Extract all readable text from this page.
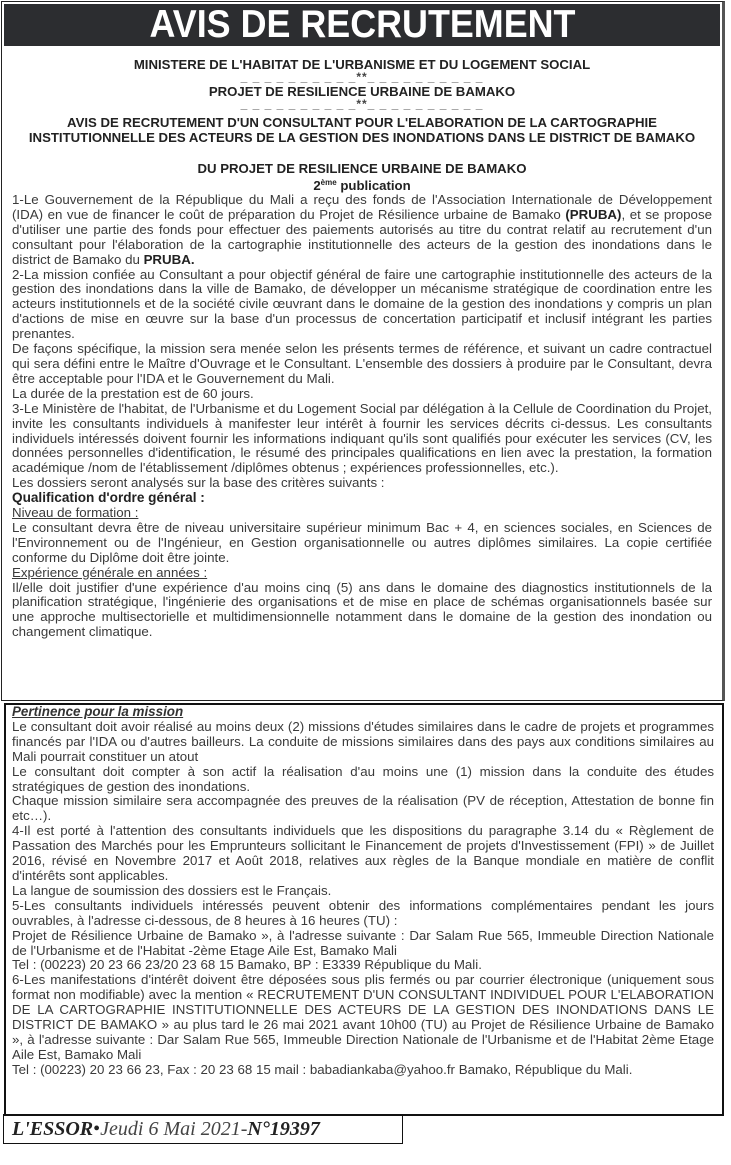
AVIS DE RECRUTEMENT
MINISTERE DE L'HABITAT DE L'URBANISME ET DU LOGEMENT SOCIAL
_ _ _ _ _ _ _ _ _ _**_ _ _ _ _ _ _ _ _ _
PROJET DE RESILIENCE URBAINE DE BAMAKO
_ _ _ _ _ _ _ _ _ _**_ _ _ _ _ _ _ _ _ _
AVIS DE RECRUTEMENT D'UN CONSULTANT POUR L'ELABORATION DE LA CARTOGRAPHIE INSTITUTIONNELLE DES ACTEURS DE LA GESTION DES INONDATIONS DANS LE DISTRICT DE BAMAKO
DU PROJET DE RESILIENCE URBAINE DE BAMAKO
2ème publication

1-Le Gouvernement de la République du Mali a reçu des fonds de l'Association Internationale de Développement (IDA) en vue de financer le coût de préparation du Projet de Résilience urbaine de Bamako (PRUBA), et se propose d'utiliser une partie des fonds pour effectuer des paiements autorisés au titre du contrat relatif au recrutement d'un consultant pour l'élaboration de la cartographie institutionnelle des acteurs de la gestion des inondations dans le district de Bamako du PRUBA.

2-La mission confiée au Consultant a pour objectif général de faire une cartographie institutionnelle des acteurs de la gestion des inondations dans la ville de Bamako, de développer un mécanisme stratégique de coordination entre les acteurs institutionnels et de la société civile œuvrant dans le domaine de la gestion des inondations y compris un plan d'actions de mise en œuvre sur la base d'un processus de concertation participatif et inclusif intégrant les parties prenantes.

De façons spécifique, la mission sera menée selon les présents termes de référence, et suivant un cadre contractuel qui sera défini entre le Maître d'Ouvrage et le Consultant. L'ensemble des dossiers à produire par le Consultant, devra être acceptable pour l'IDA et le Gouvernement du Mali.

La durée de la prestation est de 60 jours.

3-Le Ministère de l'habitat, de l'Urbanisme et du Logement Social par délégation à la Cellule de Coordination du Projet, invite les consultants individuels à manifester leur intérêt à fournir les services décrits ci-dessus. Les consultants individuels intéressés doivent fournir les informations indiquant qu'ils sont qualifiés pour exécuter les services (CV, les données personnelles d'identification, le résumé des principales qualifications en lien avec la prestation, la formation académique /nom de l'établissement /diplômes obtenus ; expériences professionnelles, etc.).

Les dossiers seront analysés sur la base des critères suivants :

Qualification d'ordre général :

Niveau de formation :

Le consultant devra être de niveau universitaire supérieur minimum Bac + 4, en sciences sociales, en Sciences de l'Environnement ou de l'Ingénieur, en Gestion organisationnelle ou autres diplômes similaires. La copie certifiée conforme du Diplôme doit être jointe.

Expérience générale en années :

Il/elle doit justifier d'une expérience d'au moins cinq (5) ans dans le domaine des diagnostics institutionnels de la planification stratégique, l'ingénierie des organisations et de mise en place de schémas organisationnels basée sur une approche multisectorielle et multidimensionnelle notamment dans le domaine de la gestion des inondation ou changement climatique.

Pertinence pour la mission

Le consultant doit avoir réalisé au moins deux (2) missions d'études similaires dans le cadre de projets et programmes financés par l'IDA ou d'autres bailleurs. La conduite de missions similaires dans des pays aux conditions similaires au Mali pourrait constituer un atout

Le consultant doit compter à son actif la réalisation d'au moins une (1) mission dans la conduite des études stratégiques de gestion des inondations.

Chaque mission similaire sera accompagnée des preuves de la réalisation (PV de réception, Attestation de bonne fin etc…).

4-Il est porté à l'attention des consultants individuels que les dispositions du paragraphe 3.14 du « Règlement de Passation des Marchés pour les Emprunteurs sollicitant le Financement de projets d'Investissement (FPI) » de Juillet 2016, révisé en Novembre 2017 et Août 2018, relatives aux règles de la Banque mondiale en matière de conflit d'intérêts sont applicables.

La langue de soumission des dossiers est le Français.

5-Les consultants individuels intéressés peuvent obtenir des informations complémentaires pendant les jours ouvrables, à l'adresse ci-dessous, de 8 heures à 16 heures (TU) :

Projet de Résilience Urbaine de Bamako », à l'adresse suivante : Dar Salam Rue 565, Immeuble Direction Nationale de l'Urbanisme et de l'Habitat -2ème Etage Aile Est, Bamako Mali

Tel : (00223) 20 23 66 23/20 23 68 15 Bamako, BP : E3339 République du Mali.

6-Les manifestations d'intérêt doivent être déposées sous plis fermés ou par courrier électronique (uniquement sous format non modifiable) avec la mention « RECRUTEMENT D'UN CONSULTANT INDIVIDUEL POUR L'ELABORATION DE LA CARTOGRAPHIE INSTITUTIONNELLE DES ACTEURS DE LA GESTION DES INONDATIONS DANS LE DISTRICT DE BAMAKO » au plus tard le 26 mai 2021 avant 10h00 (TU) au Projet de Résilience Urbaine de Bamako », à l'adresse suivante : Dar Salam Rue 565, Immeuble Direction Nationale de l'Urbanisme et de l'Habitat 2ème Etage Aile Est, Bamako Mali

Tel : (00223) 20 23 66 23, Fax : 20 23 68 15 mail : babadiankaba@yahoo.fr Bamako, République du Mali.

L'ESSOR • Jeudi 6 Mai 2021 - N°19397
